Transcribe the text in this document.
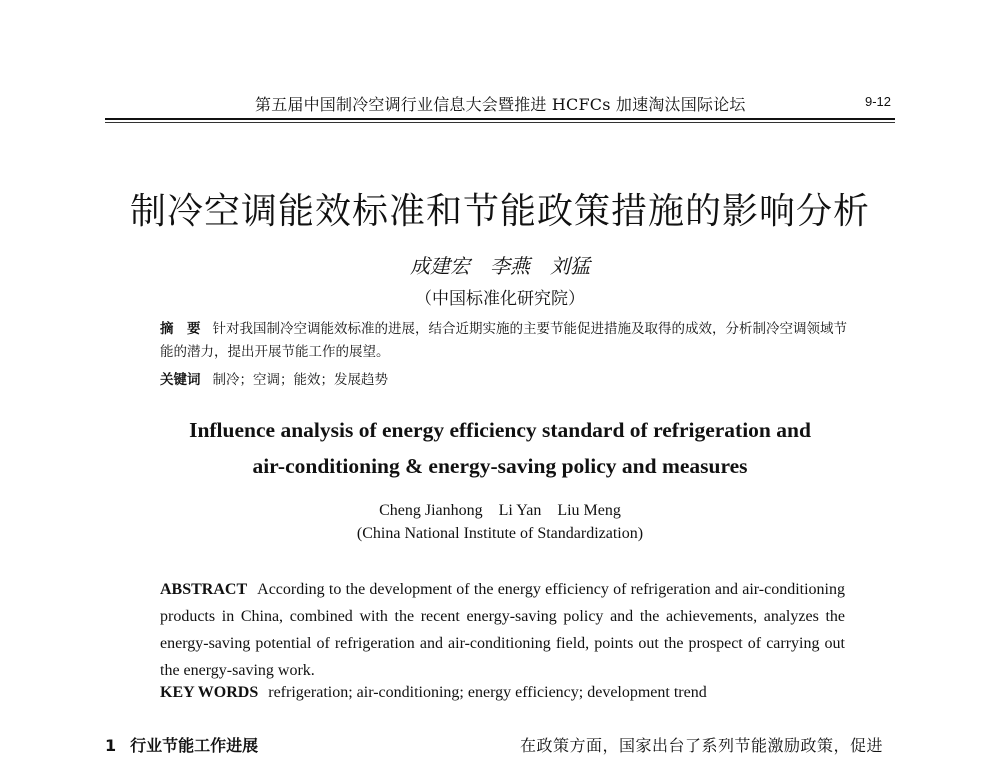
第五届中国制冷空调行业信息大会暨推进 HCFCs 加速淘汰国际论坛	9-12
制冷空调能效标准和节能政策措施的影响分析
成建宏　李燕　刘猛
（中国标准化研究院）
摘　要 针对我国制冷空调能效标准的进展，结合近期实施的主要节能促进措施及取得的成效，分析制冷空调领域节能的潜力，提出开展节能工作的展望。
关键词 制冷；空调；能效；发展趋势
Influence analysis of energy efficiency standard of refrigeration and
air-conditioning & energy-saving policy and measures
Cheng Jianhong　Li Yan　Liu Meng
(China National Institute of Standardization)
ABSTRACT According to the development of the energy efficiency of refrigeration and air-conditioning products in China, combined with the recent energy-saving policy and the achievements, analyzes the energy-saving potential of refrigeration and air-conditioning field, points out the prospect of carrying out the energy-saving work.
KEY WORDS refrigeration; air-conditioning; energy efficiency; development trend
1 行业节能工作进展	在政策方面，国家出台了系列节能激励政策，促进
